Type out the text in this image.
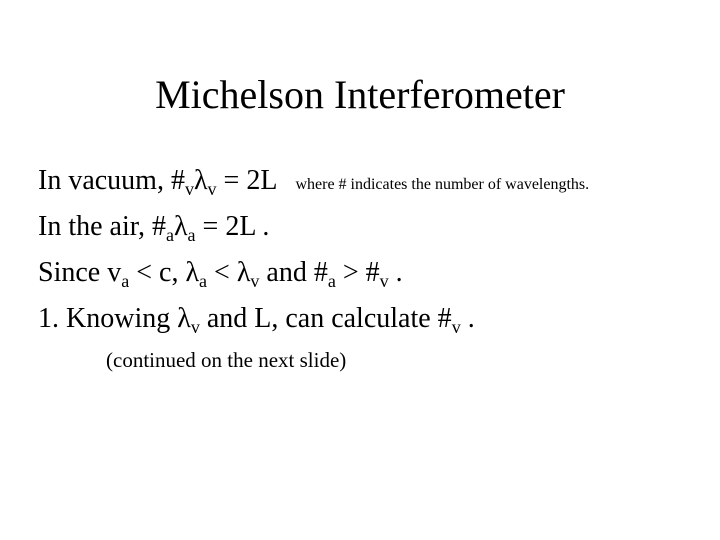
Michelson Interferometer
In vacuum, $\#_v\lambda_v = 2L$ where # indicates the number of wavelengths.
In the air, $\#_a\lambda_a = 2L$ .
Since $v_a < c$, $\lambda_a < \lambda_v$ and $\#_a$ > $\#_v$ .
1. Knowing $\lambda_v$ and L, can calculate $\#_v$ .
(continued on the next slide)
